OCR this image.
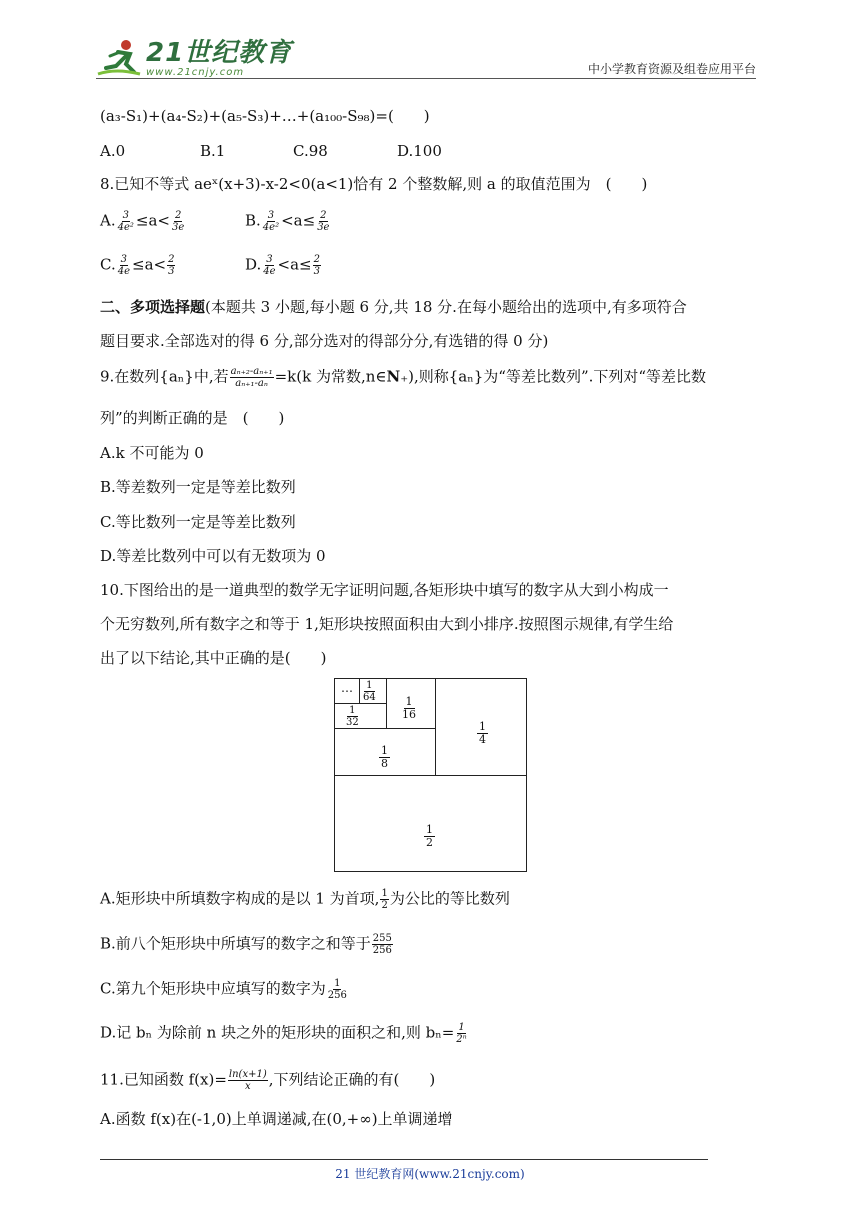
21世纪教育
www.21cnjy.com	中小学教育资源及组卷应用平台
(a₃-S₁)+(a₄-S₂)+(a₅-S₃)+…+(a₁₀₀-S₉₈)=(　　)
A.0	B.1	C.98	D.100
8.已知不等式 aeˣ(x+3)-x-2<0(a<1)恰有 2 个整数解,则 a 的取值范围为　(　　)
A. $\frac{3}{\text{4e²}} \le a< \frac{2}{3e}$	B. $\frac{3}{\text{4e²}} <a\le \frac{2}{3e}$
C. $\frac{3}{4e} \le a< \frac{2}{3}$	D. $\frac{3}{4e} <a\le \frac{2}{3}$
二、多项选择题(本题共 3 小题,每小题 6 分,共 18 分.在每小题给出的选项中,有多项符合
题目要求.全部选对的得 6 分,部分选对的得部分分,有选错的得 0 分)
9.在数列{aₙ}中,若 $\frac{\text{aₙ₊₂-aₙ₊₁}}{\text{aₙ₊₁-aₙ}} =k(k$ 为常数,n∈N₊),则称{aₙ}为“等差比数列”.下列对“等差比数
列”的判断正确的是　(　　)
A.k 不可能为 0
B.等差数列一定是等差比数列
C.等比数列一定是等差比数列
D.等差比数列中可以有无数项为 0
10.下图给出的是一道典型的数学无字证明问题,各矩形块中填写的数字从大到小构成一
个无穷数列,所有数字之和等于 1,矩形块按照面积由大到小排序.按照图示规律,有学生给
出了以下结论,其中正确的是(　　)
… $\frac{1}{64}$
$\frac{1}{32}$	$\frac{1}{16}$
$\frac{1}{8}$
$\frac{1}{4}$
$\frac{1}{2}$
A.矩形块中所填数字构成的是以 1 为首项, $\frac{1}{2}$ 为公比的等比数列
B.前八个矩形块中所填写的数字之和等于 $\frac{255}{256}$
C.第九个矩形块中应填写的数字为 $\frac{1}{256}$
D.记 bₙ 为除前 n 块之外的矩形块的面积之和,则 $b_n= \frac{1}{\text{2ⁿ}}$
11.已知函数 $f(x)= \frac{\ln(x+1)}{x}$ ,下列结论正确的有(　　)
A.函数 f(x)在(-1,0)上单调递减,在(0,+∞)上单调递增
21 世纪教育网(www.21cnjy.com)
